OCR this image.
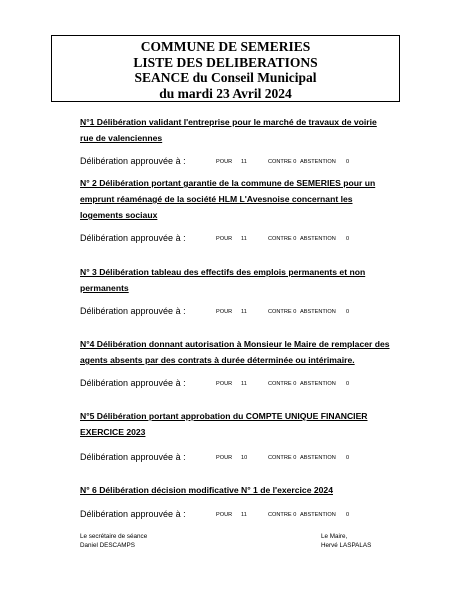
COMMUNE DE SEMERIES
LISTE DES DELIBERATIONS
SEANCE du Conseil Municipal
du mardi 23 Avril 2024
N°1 Délibération validant l'entreprise pour le marché de travaux de voirie rue de valenciennes
Délibération approuvée à :	POUR 11	CONTRE 0 ABSTENTION 0
N° 2 Délibération portant garantie de la commune de SEMERIES pour un emprunt réaménagé de la société HLM L'Avesnoise concernant les logements sociaux
Délibération approuvée à :	POUR 11	CONTRE 0 ABSTENTION 0
N° 3 Délibération tableau des effectifs des emplois permanents et non permanents
Délibération approuvée à :	POUR 11	CONTRE 0 ABSTENTION 0
N°4 Délibération donnant autorisation à Monsieur le Maire de remplacer des agents absents par des contrats à durée déterminée ou intérimaire.
Délibération approuvée à :	POUR 11	CONTRE 0 ABSTENTION 0
N°5 Délibération portant approbation du COMPTE UNIQUE FINANCIER EXERCICE 2023
Délibération approuvée à :	POUR 10	CONTRE 0 ABSTENTION 0
N° 6 Délibération décision modificative N° 1 de l'exercice 2024
Délibération approuvée à :	POUR 11	CONTRE 0 ABSTENTION 0
Le secrétaire de séance
Daniel DESCAMPS
Le Maire,
Hervé LASPALAS
